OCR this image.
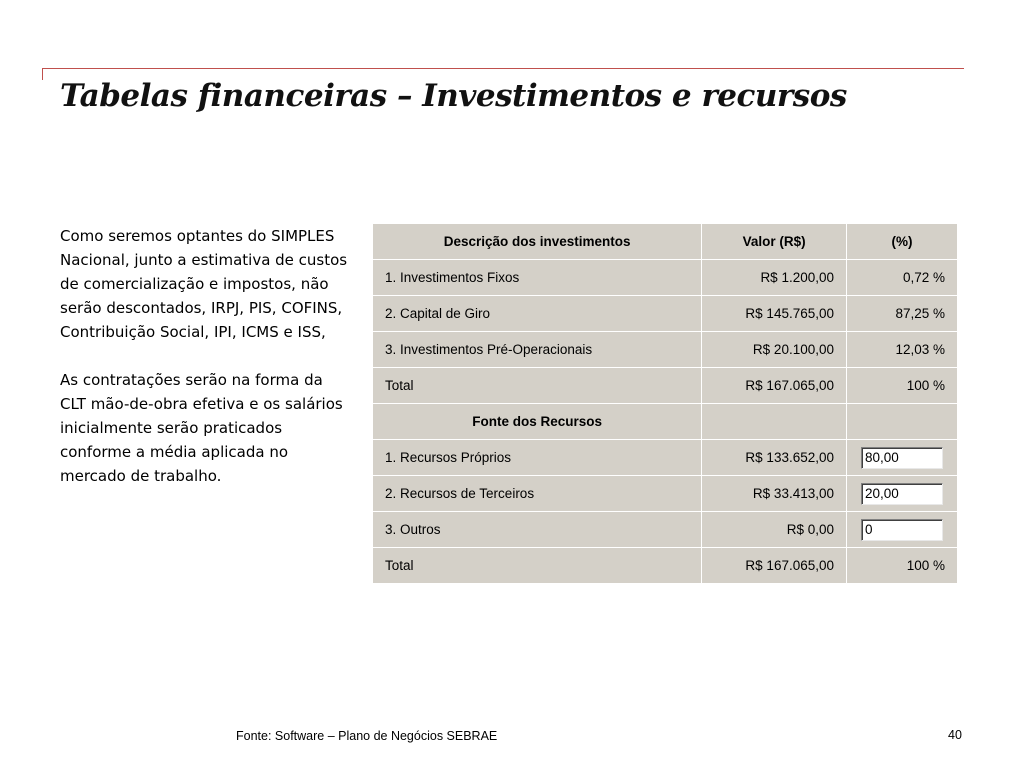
Tabelas financeiras – Investimentos e recursos

Como seremos optantes do SIMPLES Nacional, junto a estimativa de custos de comercialização e impostos, não serão descontados, IRPJ, PIS, COFINS, Contribuição Social, IPI, ICMS e ISS,

As contratações serão na forma da CLT mão-de-obra efetiva e os salários inicialmente serão praticados conforme a média aplicada no mercado de trabalho.

Descrição dos investimentos	Valor (R$)	(%)
1. Investimentos Fixos	R$ 1.200,00	0,72 %
2. Capital de Giro	R$ 145.765,00	87,25 %
3. Investimentos Pré-Operacionais	R$ 20.100,00	12,03 %
Total	R$ 167.065,00	100 %
Fonte dos Recursos		
1. Recursos Próprios	R$ 133.652,00	80,00
2. Recursos de Terceiros	R$ 33.413,00	20,00
3. Outros	R$ 0,00	0
Total	R$ 167.065,00	100 %
Fonte: Software – Plano de Negócios SEBRAE	40
